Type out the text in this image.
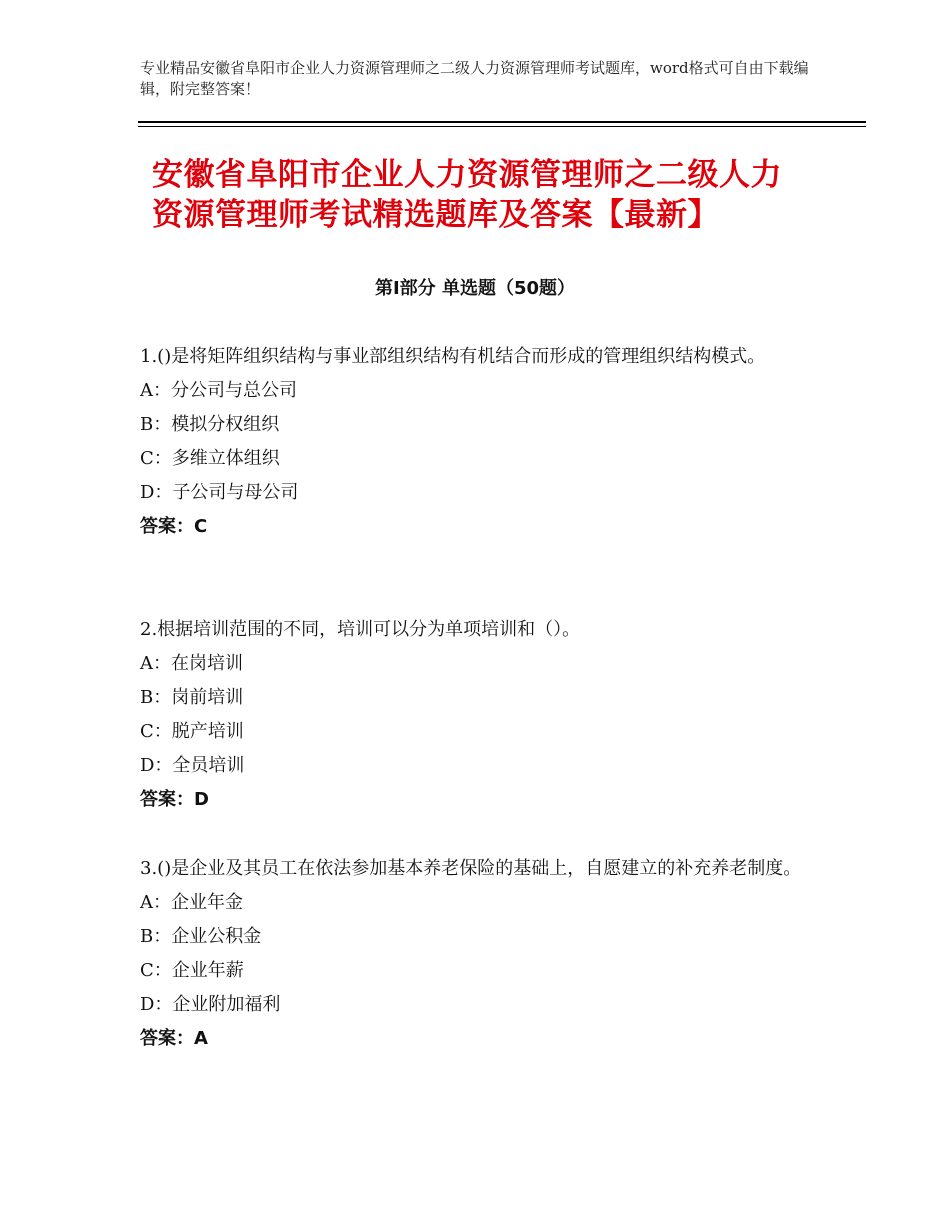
专业精品安徽省阜阳市企业人力资源管理师之二级人力资源管理师考试题库，word格式可自由下载编辑，附完整答案！
安徽省阜阳市企业人力资源管理师之二级人力资源管理师考试精选题库及答案【最新】
第Ⅰ部分 单选题（50题）

1.()是将矩阵组织结构与事业部组织结构有机结合而形成的管理组织结构模式。

A：分公司与总公司

B：模拟分权组织

C：多维立体组织

D：子公司与母公司

答案：C

2.根据培训范围的不同，培训可以分为单项培训和（）。

A：在岗培训

B：岗前培训

C：脱产培训

D：全员培训

答案：D

3.()是企业及其员工在依法参加基本养老保险的基础上，自愿建立的补充养老制度。

A：企业年金

B：企业公积金

C：企业年薪

D：企业附加福利

答案：A
